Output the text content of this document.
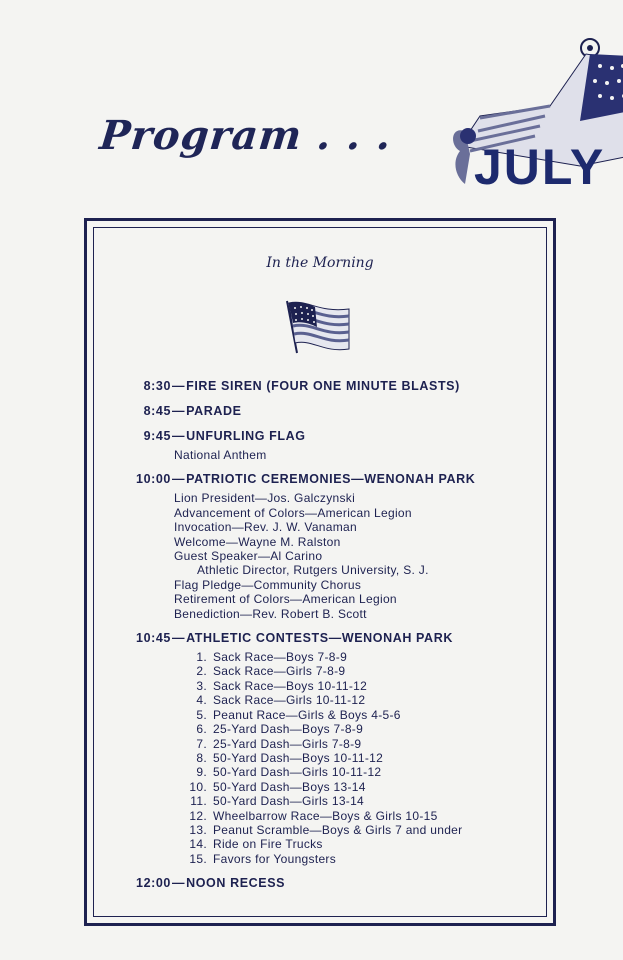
Program . . .
JULY
In the Morning
8:30—FIRE SIREN (FOUR ONE MINUTE BLASTS)
8:45—PARADE
9:45—UNFURLING FLAG
National Anthem
10:00—PATRIOTIC CEREMONIES—WENONAH PARK
Lion President—Jos. Galczynski
Advancement of Colors—American Legion
Invocation—Rev. J. W. Vanaman
Welcome—Wayne M. Ralston
Guest Speaker—Al Carino
Athletic Director, Rutgers University, S. J.
Flag Pledge—Community Chorus
Retirement of Colors—American Legion
Benediction—Rev. Robert B. Scott
10:45—ATHLETIC CONTESTS—WENONAH PARK
1. Sack Race—Boys 7-8-9
2. Sack Race—Girls 7-8-9
3. Sack Race—Boys 10-11-12
4. Sack Race—Girls 10-11-12
5. Peanut Race—Girls & Boys 4-5-6
6. 25-Yard Dash—Boys 7-8-9
7. 25-Yard Dash—Girls 7-8-9
8. 50-Yard Dash—Boys 10-11-12
9. 50-Yard Dash—Girls 10-11-12
10. 50-Yard Dash—Boys 13-14
11. 50-Yard Dash—Girls 13-14
12. Wheelbarrow Race—Boys & Girls 10-15
13. Peanut Scramble—Boys & Girls 7 and under
14. Ride on Fire Trucks
15. Favors for Youngsters
12:00—NOON RECESS
